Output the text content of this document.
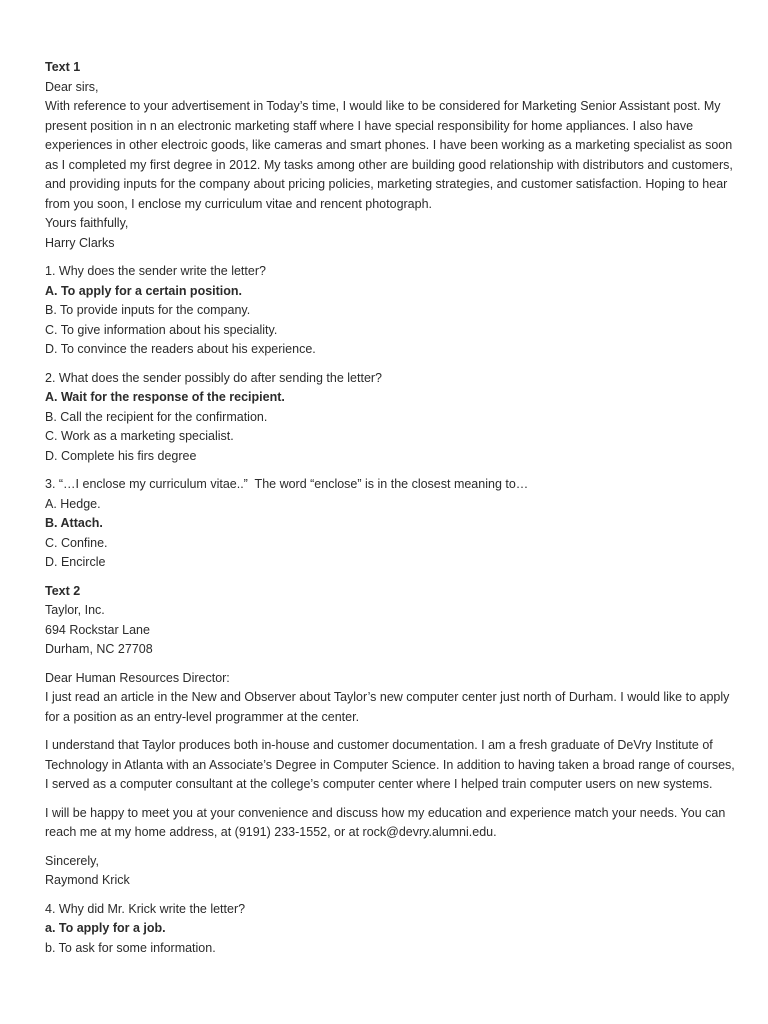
Text 1
Dear sirs,

With reference to your advertisement in Today’s time, I would like to be considered for Marketing Senior Assistant post. My present position in n an electronic marketing staff where I have special responsibility for home appliances. I also have experiences in other electroic goods, like cameras and smart phones. I have been working as a marketing specialist as soon as I completed my first degree in 2012. My tasks among other are building good relationship with distributors and customers, and providing inputs for the company about pricing policies, marketing strategies, and customer satisfaction. Hoping to hear from you soon, I enclose my curriculum vitae and rencent photograph.

Yours faithfully,
Harry Clarks
1. Why does the sender write the letter?
A. To apply for a certain position.
B. To provide inputs for the company.
C. To give information about his speciality.
D. To convince the readers about his experience.
2. What does the sender possibly do after sending the letter?
A. Wait for the response of the recipient.
B. Call the recipient for the confirmation.
C. Work as a marketing specialist.
D. Complete his firs degree
3. “…I enclose my curriculum vitae..”  The word “enclose” is in the closest meaning to…
A. Hedge.
B. Attach.
C. Confine.
D. Encircle
Text 2
Taylor, Inc.
694 Rockstar Lane
Durham, NC 27708
Dear Human Resources Director:

I just read an article in the New and Observer about Taylor’s new computer center just north of Durham. I would like to apply for a position as an entry-level programmer at the center.

I understand that Taylor produces both in-house and customer documentation. I am a fresh graduate of DeVry Institute of Technology in Atlanta with an Associate’s Degree in Computer Science. In addition to having taken a broad range of courses, I served as a computer consultant at the college’s computer center where I helped train computer users on new systems.

I will be happy to meet you at your convenience and discuss how my education and experience match your needs. You can reach me at my home address, at (9191) 233-1552, or at rock@devry.alumni.edu.

Sincerely,
Raymond Krick
4. Why did Mr. Krick write the letter?
a. To apply for a job.
b. To ask for some information.
